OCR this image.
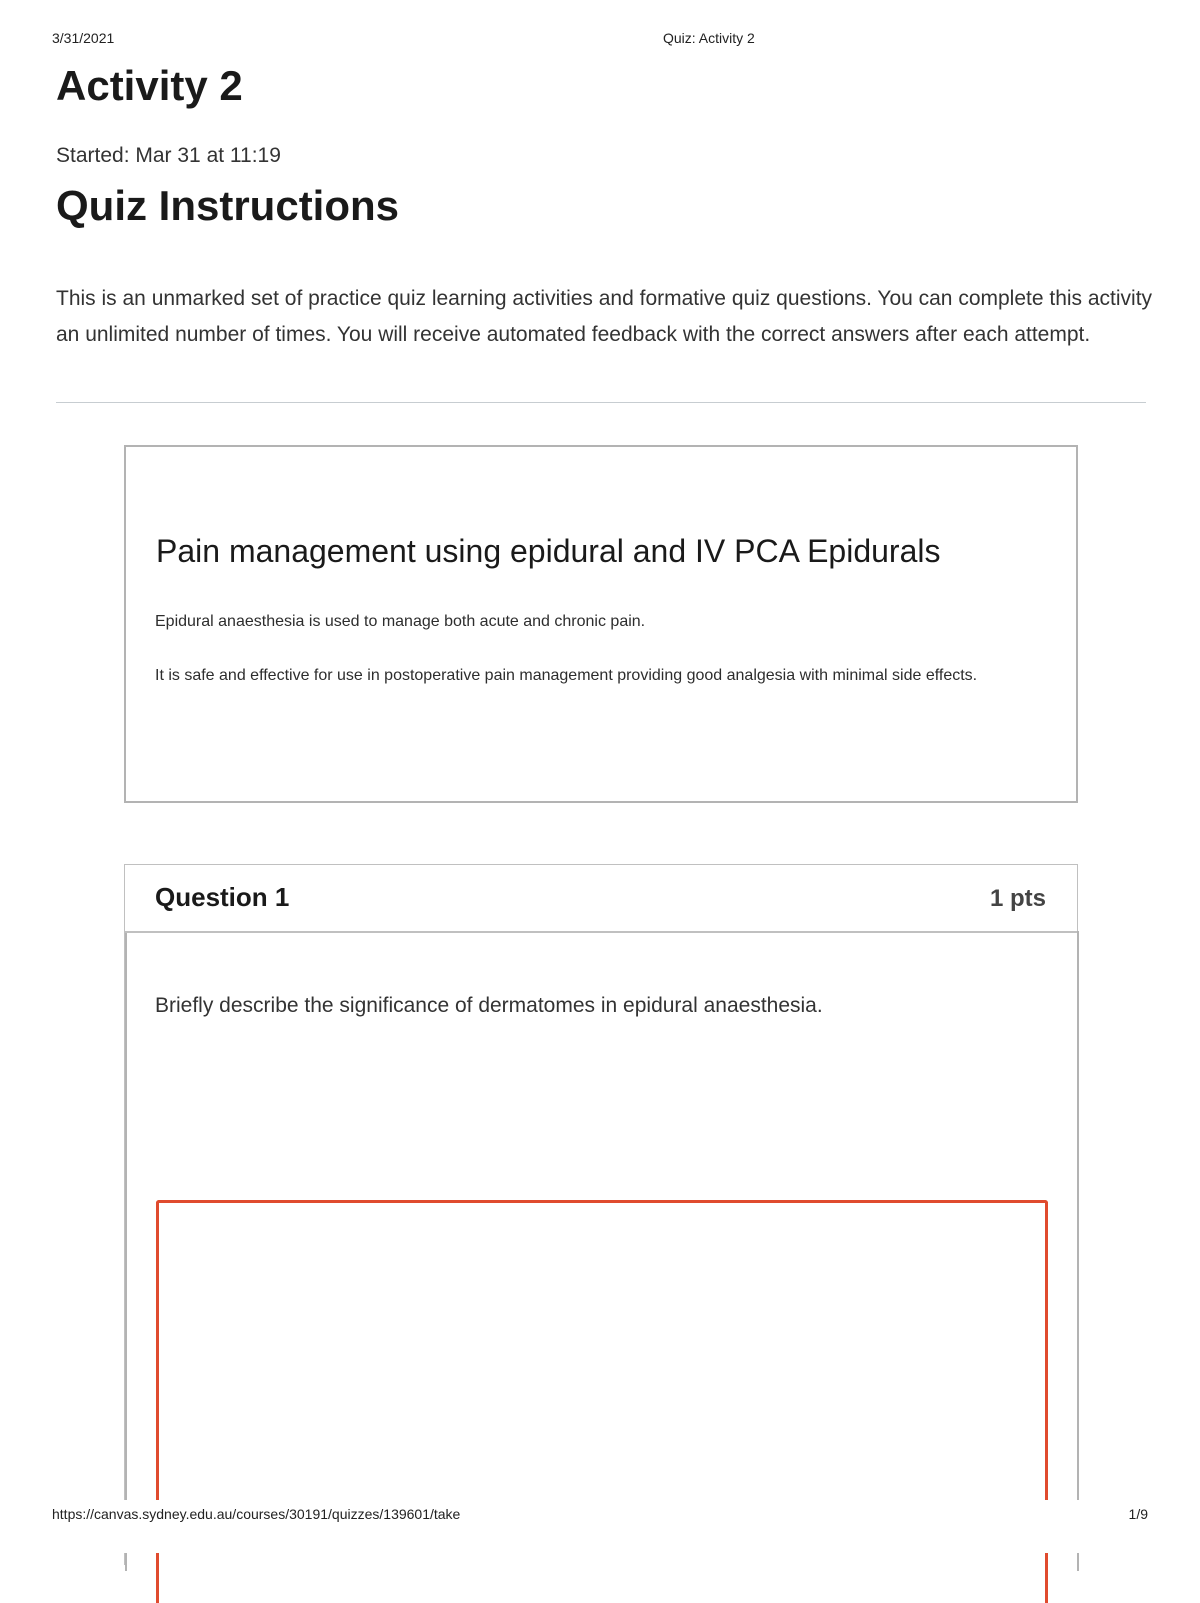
3/31/2021	Quiz: Activity 2
Activity 2
Started: Mar 31 at 11:19
Quiz Instructions

This is an unmarked set of practice quiz learning activities and formative quiz questions. You can complete this activity an unlimited number of times. You will receive automated feedback with the correct answers after each attempt.

Pain management using epidural and IV PCA Epidurals

Epidural anaesthesia is used to manage both acute and chronic pain.

It is safe and effective for use in postoperative pain management providing good analgesia with minimal side effects.

Question 1	1 pts

Briefly describe the significance of dermatomes in epidural anaesthesia.

https://canvas.sydney.edu.au/courses/30191/quizzes/139601/take	1/9
